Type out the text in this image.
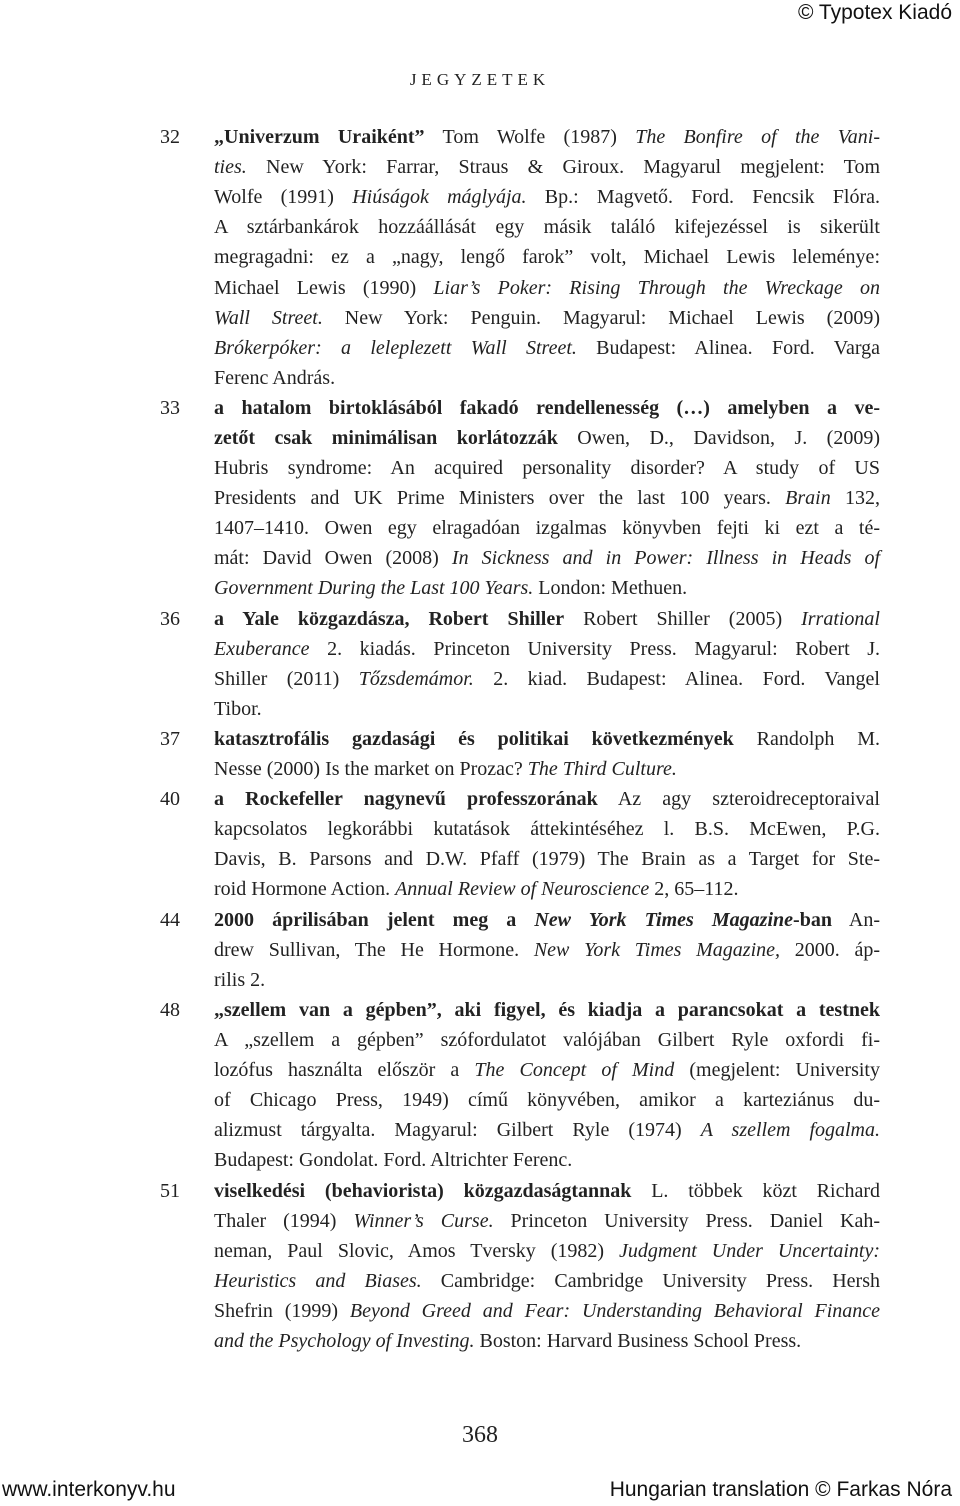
© Typotex Kiadó
JEGYZETEK
32 „Univerzum Uraiként” Tom Wolfe (1987) The Bonfire of the Vani-
ties. New York: Farrar, Straus & Giroux. Magyarul megjelent: Tom
Wolfe (1991) Hiúságok máglyája. Bp.: Magvető. Ford. Fencsik Flóra.
A sztárbankárok hozzáállását egy másik találó kifejezéssel is sikerült
megragadni: ez a „nagy, lengő farok” volt, Michael Lewis leleménye:
Michael Lewis (1990) Liar’s Poker: Rising Through the Wreckage on
Wall Street. New York: Penguin. Magyarul: Michael Lewis (2009)
Brókerpóker: a leleplezett Wall Street. Budapest: Alinea. Ford. Varga
Ferenc András.
33 a hatalom birtoklásából fakadó rendellenesség (…) amelyben a ve-
zetőt csak minimálisan korlátozzák Owen, D., Davidson, J. (2009)
Hubris syndrome: An acquired personality disorder? A study of US
Presidents and UK Prime Ministers over the last 100 years. Brain 132,
1407–1410. Owen egy elragadóan izgalmas könyvben fejti ki ezt a té-
mát: David Owen (2008) In Sickness and in Power: Illness in Heads of
Government During the Last 100 Years. London: Methuen.
36 a Yale közgazdásza, Robert Shiller Robert Shiller (2005) Irrational
Exuberance 2. kiadás. Princeton University Press. Magyarul: Robert J.
Shiller (2011) Tőzsdemámor. 2. kiad. Budapest: Alinea. Ford. Vangel
Tibor.
37 katasztrofális gazdasági és politikai következmények Randolph M.
Nesse (2000) Is the market on Prozac? The Third Culture.
40 a Rockefeller nagynevű professzorának Az agy szteroidreceptoraival
kapcsolatos legkorábbi kutatások áttekintéséhez l. B.S. McEwen, P.G.
Davis, B. Parsons and D.W. Pfaff (1979) The Brain as a Target for Ste-
roid Hormone Action. Annual Review of Neuroscience 2, 65–112.
44 2000 áprilisában jelent meg a New York Times Magazine-ban An-
drew Sullivan, The He Hormone. New York Times Magazine, 2000. áp-
rilis 2.
48 „szellem van a gépben”, aki figyel, és kiadja a parancsokat a testnek
A „szellem a gépben” szófordulatot valójában Gilbert Ryle oxfordi fi-
lozófus használta először a The Concept of Mind (megjelent: University
of Chicago Press, 1949) című könyvében, amikor a karteziánus du-
alizmust tárgyalta. Magyarul: Gilbert Ryle (1974) A szellem fogalma.
Budapest: Gondolat. Ford. Altrichter Ferenc.
51 viselkedési (behaviorista) közgazdaságtannak L. többek közt Richard
Thaler (1994) Winner’s Curse. Princeton University Press. Daniel Kah-
neman, Paul Slovic, Amos Tversky (1982) Judgment Under Uncertainty:
Heuristics and Biases. Cambridge: Cambridge University Press. Hersh
Shefrin (1999) Beyond Greed and Fear: Understanding Behavioral Finance
and the Psychology of Investing. Boston: Harvard Business School Press.
368
www.interkonyv.hu	Hungarian translation © Farkas Nóra
